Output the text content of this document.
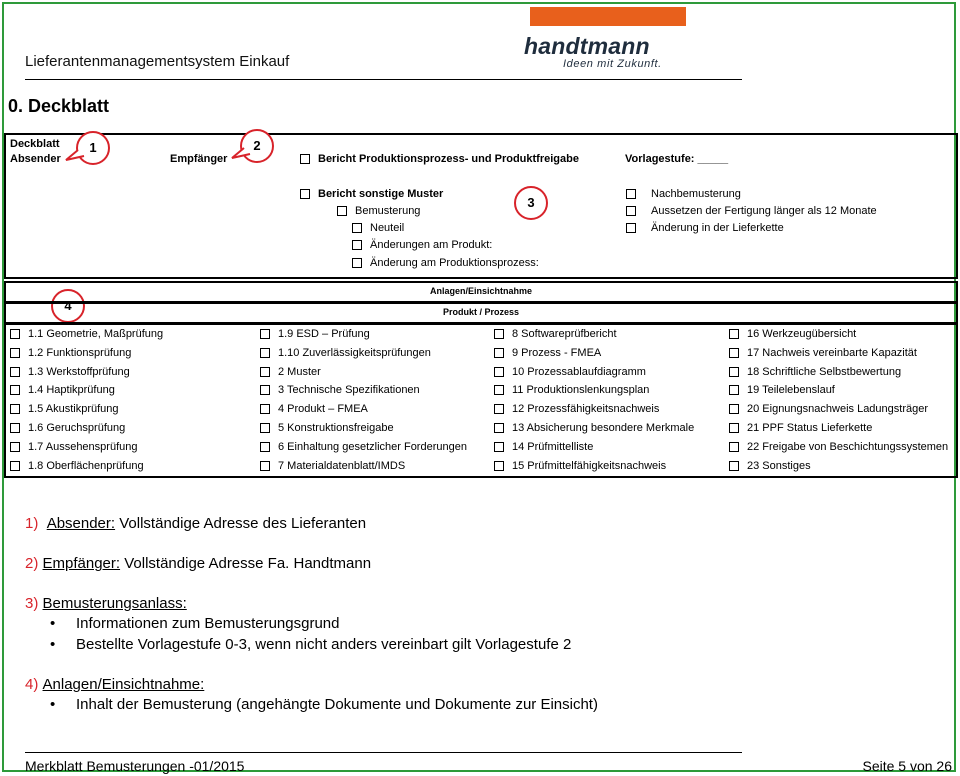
handtmann
Ideen mit Zukunft.
Lieferantenmanagementsystem Einkauf
0. Deckblatt
Deckblatt
Absender	Empfänger	Bericht Produktionsprozess- und Produktfreigabe	Vorlagestufe: _____
Bericht sonstige Muster
Bemusterung
Neuteil
Änderungen am Produkt:
Änderung am Produktionsprozess:
Nachbemusterung
Aussetzen der Fertigung länger als 12 Monate
Änderung in der Lieferkette
1	2
3
4
Anlagen/Einsichtnahme
Produkt / Prozess
1.1 Geometrie, Maßprüfung
1.2 Funktionsprüfung
1.3 Werkstoffprüfung
1.4 Haptikprüfung
1.5 Akustikprüfung
1.6 Geruchsprüfung
1.7 Aussehensprüfung
1.8 Oberflächenprüfung
1.9 ESD – Prüfung
1.10 Zuverlässigkeitsprüfungen
2 Muster
3 Technische Spezifikationen
4 Produkt – FMEA
5 Konstruktionsfreigabe
6 Einhaltung gesetzlicher Forderungen
7 Materialdatenblatt/IMDS
8 Softwareprüfbericht
9 Prozess - FMEA
10 Prozessablaufdiagramm
11 Produktionslenkungsplan
12 Prozessfähigkeitsnachweis
13 Absicherung besondere Merkmale
14 Prüfmittelliste
15 Prüfmittelfähigkeitsnachweis
16 Werkzeugübersicht
17 Nachweis vereinbarte Kapazität
18 Schriftliche Selbstbewertung
19 Teilelebenslauf
20 Eignungsnachweis Ladungsträger
21 PPF Status Lieferkette
22 Freigabe von Beschichtungssystemen
23 Sonstiges
1) Absender: Vollständige Adresse des Lieferanten
2) Empfänger: Vollständige Adresse Fa. Handtmann
3) Bemusterungsanlass:
• Informationen zum Bemusterungsgrund
• Bestellte Vorlagestufe 0-3, wenn nicht anders vereinbart gilt Vorlagestufe 2
4) Anlagen/Einsichtnahme:
• Inhalt der Bemusterung (angehängte Dokumente und Dokumente zur Einsicht)
Merkblatt Bemusterungen -01/2015	Seite 5 von 26
